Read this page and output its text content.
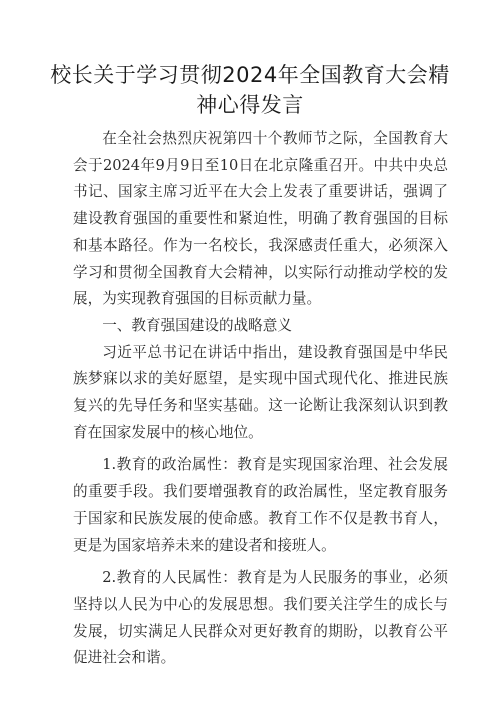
校长关于学习贯彻2024年全国教育大会精神心得发言

在全社会热烈庆祝第四十个教师节之际，全国教育大会于2024年9月9日至10日在北京隆重召开。中共中央总书记、国家主席习近平在大会上发表了重要讲话，强调了建设教育强国的重要性和紧迫性，明确了教育强国的目标和基本路径。作为一名校长，我深感责任重大，必须深入学习和贯彻全国教育大会精神，以实际行动推动学校的发展，为实现教育强国的目标贡献力量。

一、教育强国建设的战略意义

习近平总书记在讲话中指出，建设教育强国是中华民族梦寐以求的美好愿望，是实现中国式现代化、推进民族复兴的先导任务和坚实基础。这一论断让我深刻认识到教育在国家发展中的核心地位。

1.教育的政治属性：教育是实现国家治理、社会发展的重要手段。我们要增强教育的政治属性，坚定教育服务于国家和民族发展的使命感。教育工作不仅是教书育人，更是为国家培养未来的建设者和接班人。

2.教育的人民属性：教育是为人民服务的事业，必须坚持以人民为中心的发展思想。我们要关注学生的成长与发展，切实满足人民群众对更好教育的期盼，以教育公平促进社会和谐。
